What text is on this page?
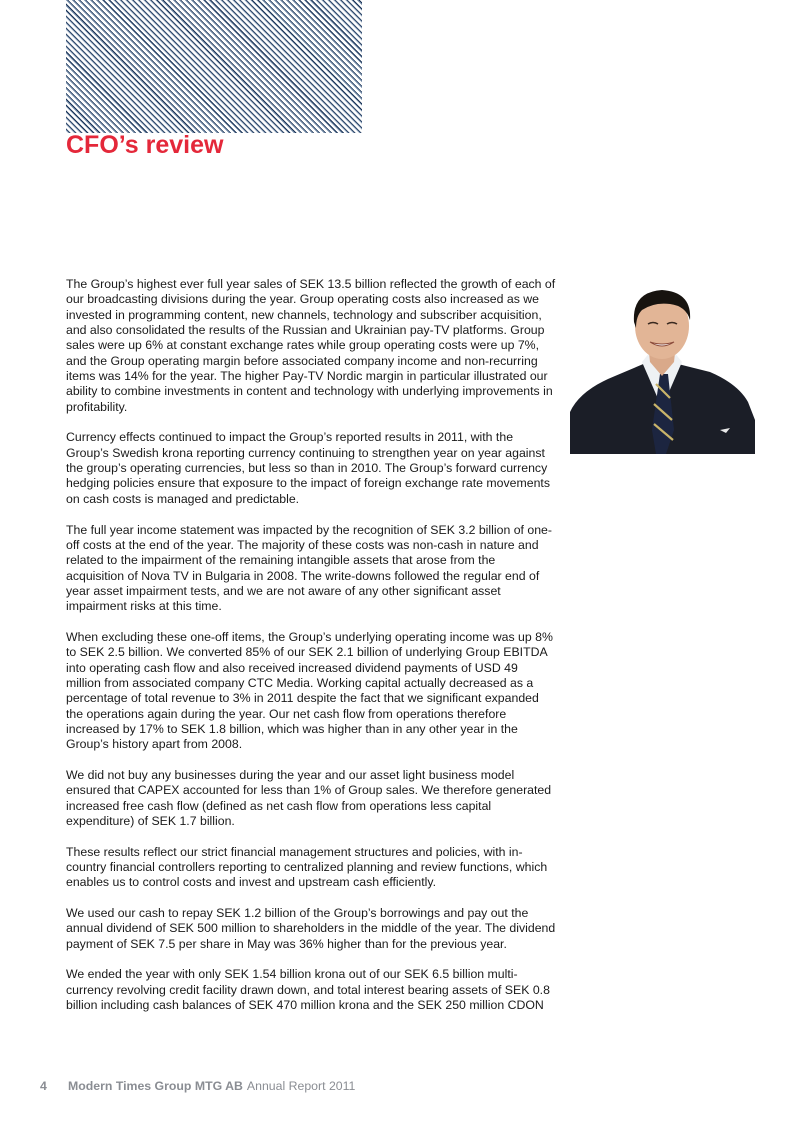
CFO’s review

The Group’s highest ever full year sales of SEK 13.5 billion reflected the growth of each of our broadcasting divisions during the year. Group operating costs also increased as we invested in programming content, new channels, technology and subscriber acquisition, and also consolidated the results of the Russian and Ukrainian pay-TV platforms. Group sales were up 6% at constant exchange rates while group operating costs were up 7%, and the Group operating margin before associated company income and non-recurring items was 14% for the year. The higher Pay-TV Nordic margin in particular illustrated our ability to combine investments in content and technology with underlying improvements in profitability.

Currency effects continued to impact the Group’s reported results in 2011, with the Group’s Swedish krona reporting currency continuing to strengthen year on year against the group’s operating currencies, but less so than in 2010. The Group’s forward currency hedging policies ensure that exposure to the impact of foreign exchange rate movements on cash costs is managed and predictable.

The full year income statement was impacted by the recognition of SEK 3.2 billion of one-off costs at the end of the year. The majority of these costs was non-cash in nature and related to the impairment of the remaining intangible assets that arose from the acquisition of Nova TV in Bulgaria in 2008. The write-downs followed the regular end of year asset impairment tests, and we are not aware of any other significant asset impairment risks at this time.

When excluding these one-off items, the Group’s underlying operating income was up 8% to SEK 2.5 billion. We converted 85% of our SEK 2.1 billion of underlying Group EBITDA into operating cash flow and also received increased dividend payments of USD 49 million from associated company CTC Media. Working capital actually decreased as a percentage of total revenue to 3% in 2011 despite the fact that we significant expanded the operations again during the year. Our net cash flow from operations therefore increased by 17% to SEK 1.8 billion, which was higher than in any other year in the Group’s history apart from 2008.

We did not buy any businesses during the year and our asset light business model ensured that CAPEX accounted for less than 1% of Group sales. We therefore generated increased free cash flow (defined as net cash flow from operations less capital expenditure) of SEK 1.7 billion.

These results reflect our strict financial management structures and policies, with in-country financial controllers reporting to centralized planning and review functions, which enables us to control costs and invest and upstream cash efficiently.

We used our cash to repay SEK 1.2 billion of the Group’s borrowings and pay out the annual dividend of SEK 500 million to shareholders in the middle of the year. The dividend payment of SEK 7.5 per share in May was 36% higher than for the previous year.

We ended the year with only SEK 1.54 billion krona out of our SEK 6.5 billion multi-currency revolving credit facility drawn down, and total interest bearing assets of SEK 0.8 billion including cash balances of SEK 470 million krona and the SEK 250 million CDON

4 Modern Times Group MTG AB Annual Report 2011
